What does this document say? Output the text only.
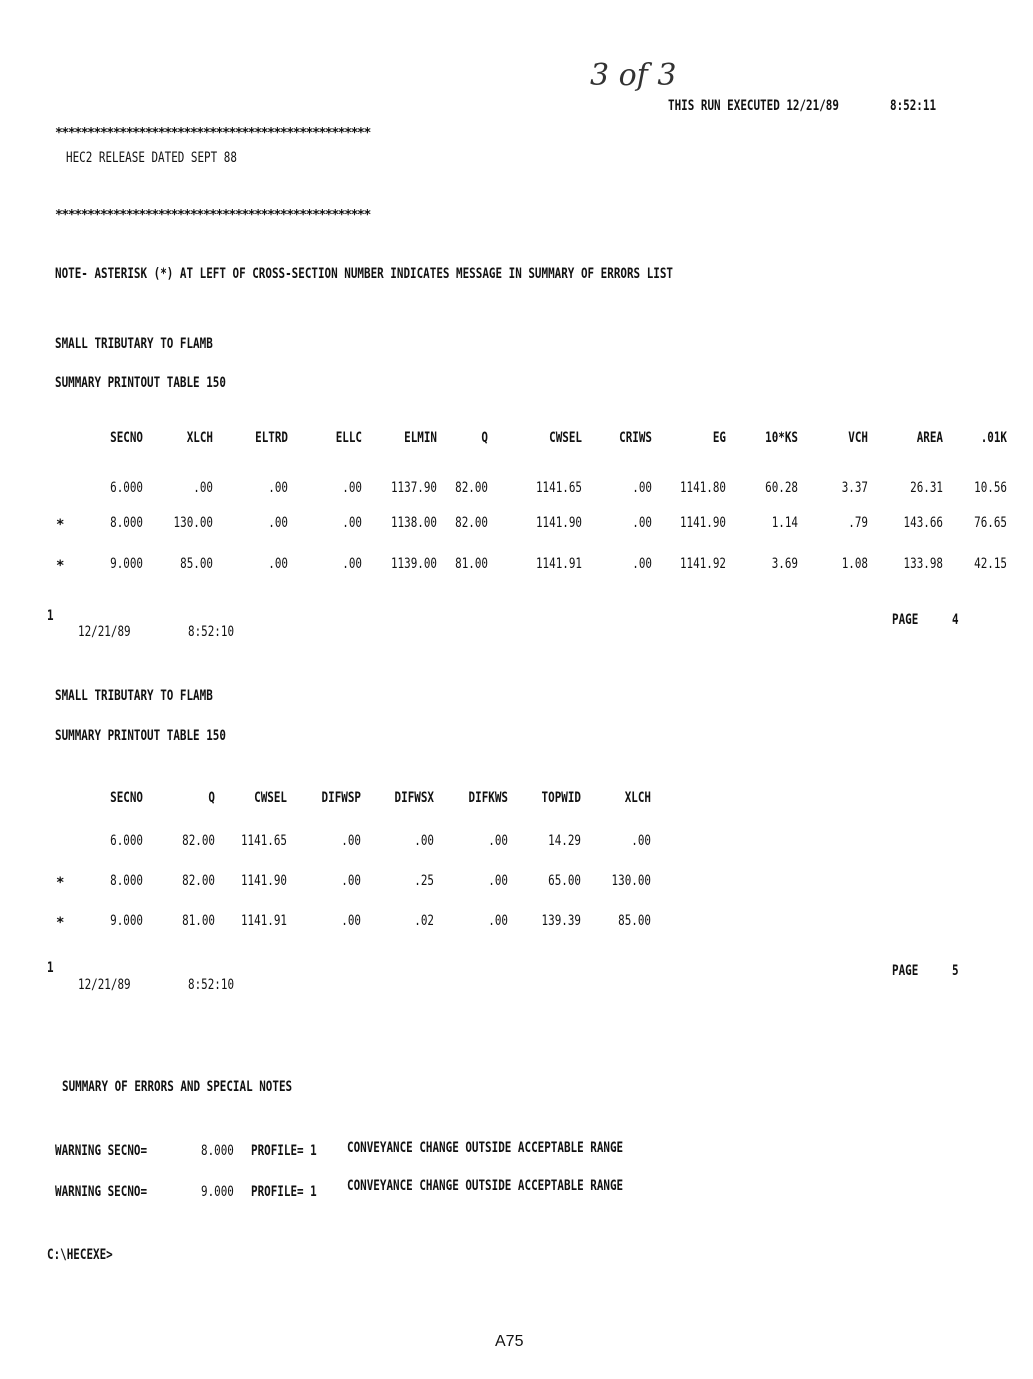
3 of 3
THIS RUN EXECUTED 12/21/89	8:52:11
*************************************************
HEC2 RELEASE DATED SEPT 88
*************************************************
NOTE- ASTERISK (*) AT LEFT OF CROSS-SECTION NUMBER INDICATES MESSAGE IN SUMMARY OF ERRORS LIST
SMALL TRIBUTARY TO FLAMB
SUMMARY PRINTOUT TABLE 150
SECNO	XLCH	ELTRD	ELLC	ELMIN	Q	CWSEL	CRIWS	EG	10*KS	VCH	AREA	.01K
6.000	.00	.00	.00	1137.90	82.00	1141.65	.00	1141.80	60.28	3.37	26.31	10.56
*	8.000	130.00	.00	.00	1138.00	82.00	1141.90	.00	1141.90	1.14	.79	143.66	76.65
*	9.000	85.00	.00	.00	1139.00	81.00	1141.91	.00	1141.92	3.69	1.08	133.98	42.15
1
12/21/89	8:52:10
PAGE 4
SMALL TRIBUTARY TO FLAMB
SUMMARY PRINTOUT TABLE 150
SECNO	Q	CWSEL	DIFWSP	DIFWSX	DIFKWS	TOPWID	XLCH
6.000	82.00	1141.65	.00	.00	.00	14.29	.00
*	8.000	82.00	1141.90	.00	.25	.00	65.00	130.00
*	9.000	81.00	1141.91	.00	.02	.00	139.39	85.00
1
12/21/89	8:52:10
PAGE 5
SUMMARY OF ERRORS AND SPECIAL NOTES
WARNING SECNO=	8.000 PROFILE= 1 CONVEYANCE CHANGE OUTSIDE ACCEPTABLE RANGE
WARNING SECNO=	9.000 PROFILE= 1 CONVEYANCE CHANGE OUTSIDE ACCEPTABLE RANGE
C:\HECEXE>
A75
